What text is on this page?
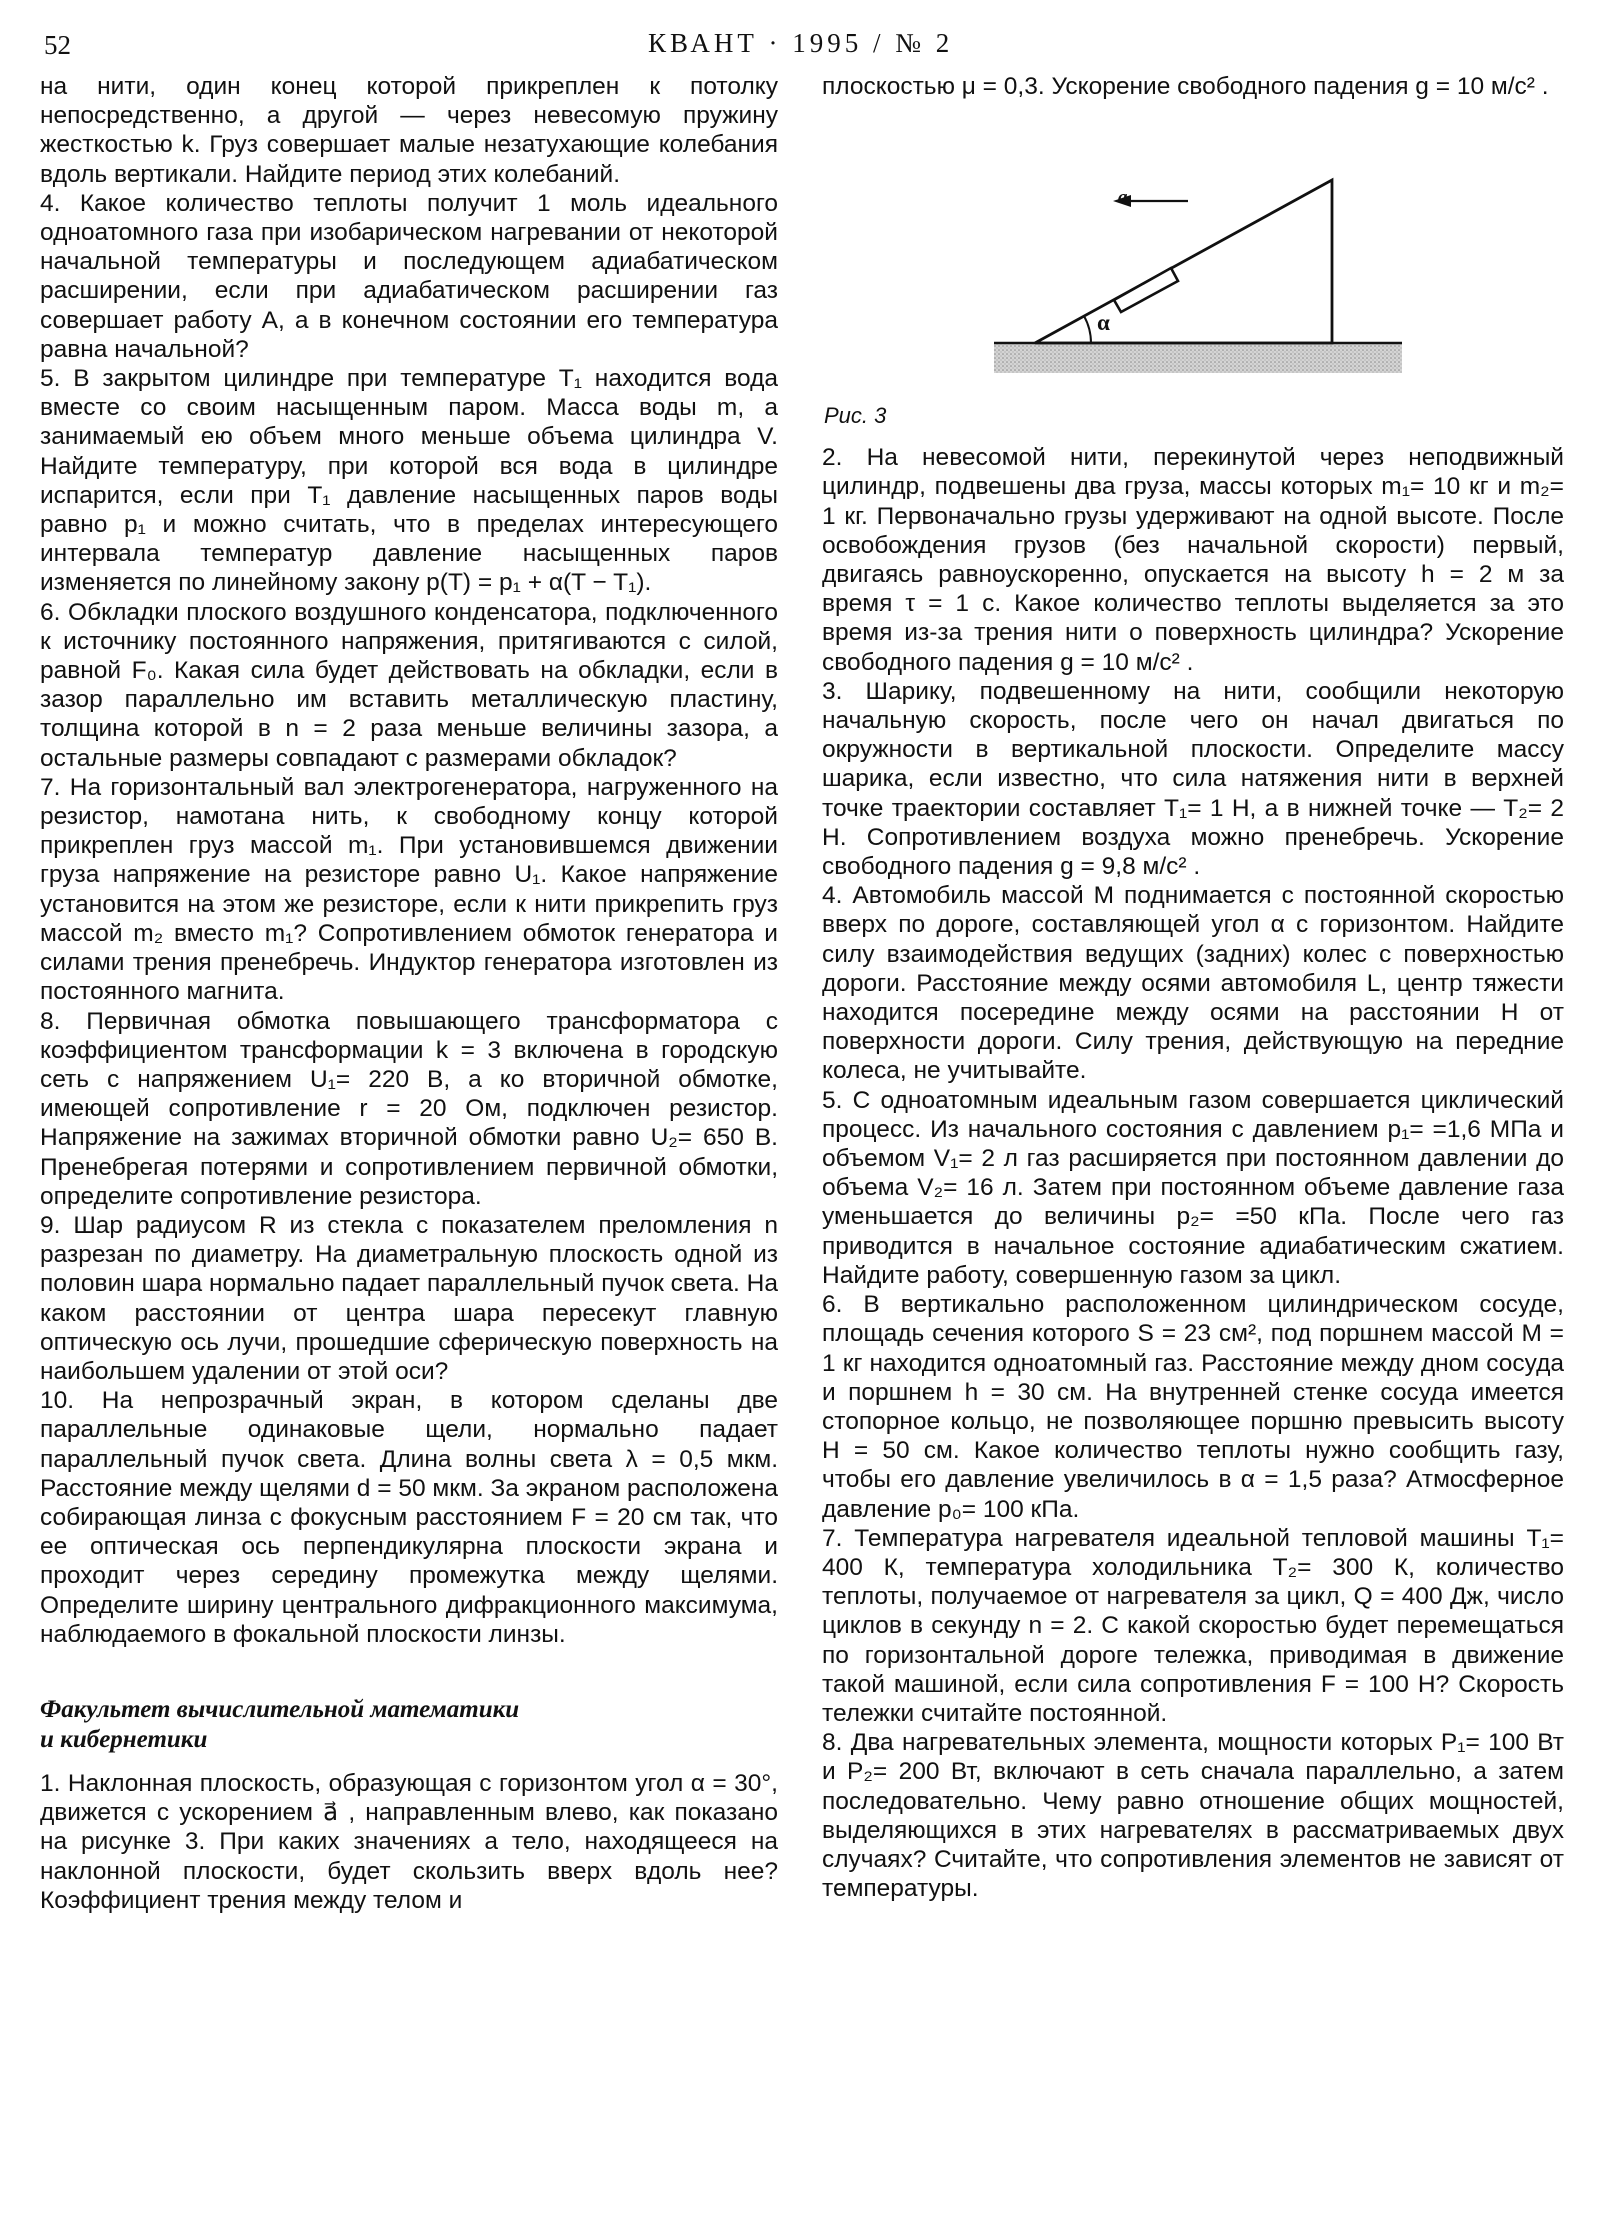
52	КВАНТ · 1995 / № 2

на нити, один конец которой прикреплен к потолку непосредственно, а другой — через невесомую пружину жесткостью k. Груз совершает малые незатухающие колебания вдоль вертикали. Найдите период этих колебаний.

4. Какое количество теплоты получит 1 моль идеального одноатомного газа при изобарическом нагревании от некоторой начальной температуры и последующем адиабатическом расширении, если при адиабатическом расширении газ совершает работу A, а в конечном состоянии его температура равна начальной?

5. В закрытом цилиндре при температуре T₁ находится вода вместе со своим насыщенным паром. Масса воды m, а занимаемый ею объем много меньше объема цилиндра V. Найдите температуру, при которой вся вода в цилиндре испарится, если при T₁ давление насыщенных паров воды равно p₁ и можно считать, что в пределах интересующего интервала температур давление насыщенных паров изменяется по линейному закону p(T) = p₁ + α(T − T₁).

6. Обкладки плоского воздушного конденсатора, подключенного к источнику постоянного напряжения, притягиваются с силой, равной F₀. Какая сила будет действовать на обкладки, если в зазор параллельно им вставить металлическую пластину, толщина которой в n = 2 раза меньше величины зазора, а остальные размеры совпадают с размерами обкладок?

7. На горизонтальный вал электрогенератора, нагруженного на резистор, намотана нить, к свободному концу которой прикреплен груз массой m₁. При установившемся движении груза напряжение на резисторе равно U₁. Какое напряжение установится на этом же резисторе, если к нити прикрепить груз массой m₂ вместо m₁? Сопротивлением обмоток генератора и силами трения пренебречь. Индуктор генератора изготовлен из постоянного магнита.

8. Первичная обмотка повышающего трансформатора с коэффициентом трансформации k = 3 включена в городскую сеть с напряжением U₁= 220 В, а ко вторичной обмотке, имеющей сопротивление r = 20 Ом, подключен резистор. Напряжение на зажимах вторичной обмотки равно U₂= 650 В. Пренебрегая потерями и сопротивлением первичной обмотки, определите сопротивление резистора.

9. Шар радиусом R из стекла с показателем преломления n разрезан по диаметру. На диаметральную плоскость одной из половин шара нормально падает параллельный пучок света. На каком расстоянии от центра шара пересекут главную оптическую ось лучи, прошедшие сферическую поверхность на наибольшем удалении от этой оси?

10. На непрозрачный экран, в котором сделаны две параллельные одинаковые щели, нормально падает параллельный пучок света. Длина волны света λ = 0,5 мкм. Расстояние между щелями d = 50 мкм. За экраном расположена собирающая линза с фокусным расстоянием F = 20 см так, что ее оптическая ось перпендикулярна плоскости экрана и проходит через середину промежутка между щелями. Определите ширину центрального дифракционного максимума, наблюдаемого в фокальной плоскости линзы.

Факультет вычислительной математики
и кибернетики

1. Наклонная плоскость, образующая с горизонтом угол α = 30°, движется с ускорением a⃗ , направленным влево, как показано на рисунке 3. При каких значениях a тело, находящееся на наклонной плоскости, будет скользить вверх вдоль нее? Коэффициент трения между телом и

плоскостью μ = 0,3. Ускорение свободного падения g = 10 м/с² .

a
α
Рис. 3

2. На невесомой нити, перекинутой через неподвижный цилиндр, подвешены два груза, массы которых m₁= 10 кг и m₂= 1 кг. Первоначально грузы удерживают на одной высоте. После освобождения грузов (без начальной скорости) первый, двигаясь равноускоренно, опускается на высоту h = 2 м за время τ = 1 с. Какое количество теплоты выделяется за это время из-за трения нити о поверхность цилиндра? Ускорение свободного падения g = 10 м/с² .

3. Шарику, подвешенному на нити, сообщили некоторую начальную скорость, после чего он начал двигаться по окружности в вертикальной плоскости. Определите массу шарика, если известно, что сила натяжения нити в верхней точке траектории составляет T₁= 1 Н, а в нижней точке — T₂= 2 Н. Сопротивлением воздуха можно пренебречь. Ускорение свободного падения g = 9,8 м/с² .

4. Автомобиль массой M поднимается с постоянной скоростью вверх по дороге, составляющей угол α с горизонтом. Найдите силу взаимодействия ведущих (задних) колес с поверхностью дороги. Расстояние между осями автомобиля L, центр тяжести находится посередине между осями на расстоянии H от поверхности дороги. Силу трения, действующую на передние колеса, не учитывайте.

5. С одноатомным идеальным газом совершается циклический процесс. Из начального состояния с давлением p₁= =1,6 МПа и объемом V₁= 2 л газ расширяется при постоянном давлении до объема V₂= 16 л. Затем при постоянном объеме давление газа уменьшается до величины p₂= =50 кПа. После чего газ приводится в начальное состояние адиабатическим сжатием. Найдите работу, совершенную газом за цикл.

6. В вертикально расположенном цилиндрическом сосуде, площадь сечения которого S = 23 см², под поршнем массой M = 1 кг находится одноатомный газ. Расстояние между дном сосуда и поршнем h = 30 см. На внутренней стенке сосуда имеется стопорное кольцо, не позволяющее поршню превысить высоту H = 50 см. Какое количество теплоты нужно сообщить газу, чтобы его давление увеличилось в α = 1,5 раза? Атмосферное давление p₀= 100 кПа.

7. Температура нагревателя идеальной тепловой машины T₁= 400 К, температура холодильника T₂= 300 К, количество теплоты, получаемое от нагревателя за цикл, Q = 400 Дж, число циклов в секунду n = 2. С какой скоростью будет перемещаться по горизонтальной дороге тележка, приводимая в движение такой машиной, если сила сопротивления F = 100 Н? Скорость тележки считайте постоянной.

8. Два нагревательных элемента, мощности которых P₁= 100 Вт и P₂= 200 Вт, включают в сеть сначала параллельно, а затем последовательно. Чему равно отношение общих мощностей, выделяющихся в этих нагревателях в рассматриваемых двух случаях? Считайте, что сопротивления элементов не зависят от температуры.
